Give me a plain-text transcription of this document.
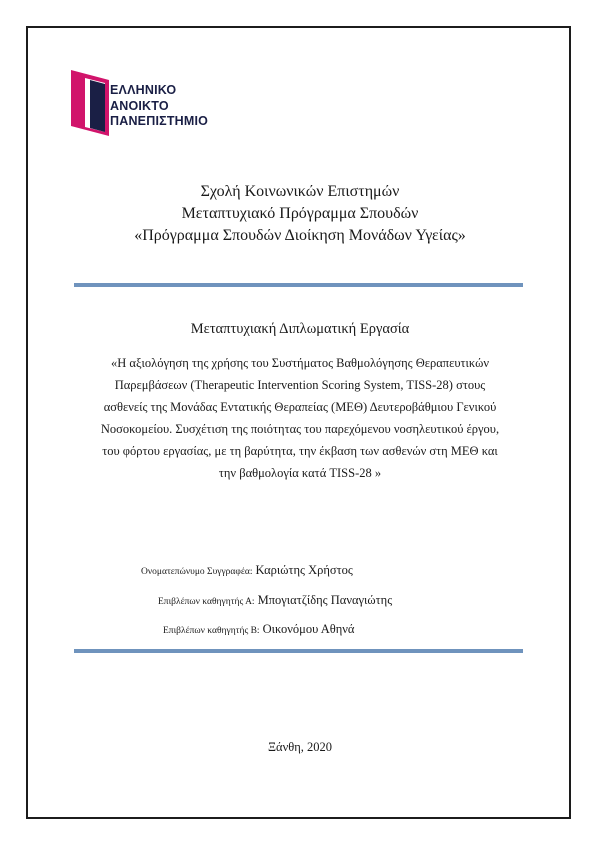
ΕΛΛΗΝΙΚΟ
ΑΝΟΙΚΤΟ
ΠΑΝΕΠΙΣΤΗΜΙΟ
Σχολή Κοινωνικών Επιστημών
Μεταπτυχιακό Πρόγραμμα Σπουδών
«Πρόγραμμα Σπουδών Διοίκηση Μονάδων Υγείας»
Μεταπτυχιακή Διπλωματική Εργασία
«Η αξιολόγηση της χρήσης του Συστήματος Βαθμολόγησης Θεραπευτικών
Παρεμβάσεων (Therapeutic Intervention Scoring System, TISS-28) στους
ασθενείς της Μονάδας Εντατικής Θεραπείας (ΜΕΘ) Δευτεροβάθμιου Γενικού
Νοσοκομείου. Συσχέτιση της ποιότητας του παρεχόμενου νοσηλευτικού έργου,
του φόρτου εργασίας, με τη βαρύτητα, την έκβαση των ασθενών στη ΜΕΘ και
την βαθμολογία κατά TISS-28 »
Ονοματεπώνυμο Συγγραφέα: Καριώτης Χρήστος
Επιβλέπων καθηγητής Α: Μπογιατζίδης Παναγιώτης
Επιβλέπων καθηγητής Β: Οικονόμου Αθηνά
Ξάνθη, 2020
